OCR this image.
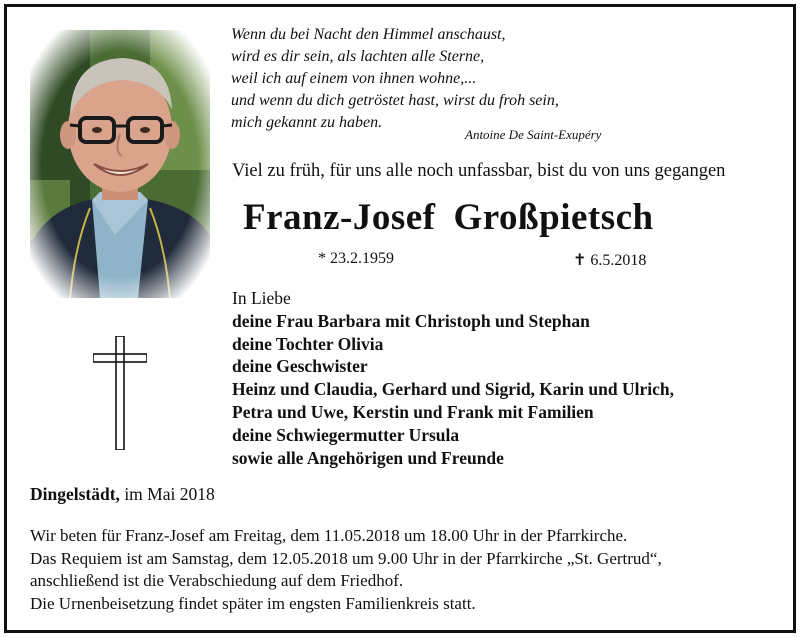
Wenn du bei Nacht den Himmel anschaust,
wird es dir sein, als lachten alle Sterne,
weil ich auf einem von ihnen wohne,...
und wenn du dich getröstet hast, wirst du froh sein,
mich gekannt zu haben.
Antoine De Saint-Exupéry
Viel zu früh, für uns alle noch unfassbar, bist du von uns gegangen
Franz-Josef Großpietsch
* 23.2.1959	✝ 6.5.2018
In Liebe
deine Frau Barbara mit Christoph und Stephan
deine Tochter Olivia
deine Geschwister
Heinz und Claudia, Gerhard und Sigrid, Karin und Ulrich,
Petra und Uwe, Kerstin und Frank mit Familien
deine Schwiegermutter Ursula
sowie alle Angehörigen und Freunde
Dingelstädt, im Mai 2018
Wir beten für Franz-Josef am Freitag, dem 11.05.2018 um 18.00 Uhr in der Pfarrkirche.
Das Requiem ist am Samstag, dem 12.05.2018 um 9.00 Uhr in der Pfarrkirche „St. Gertrud“,
anschließend ist die Verabschiedung auf dem Friedhof.
Die Urnenbeisetzung findet später im engsten Familienkreis statt.
